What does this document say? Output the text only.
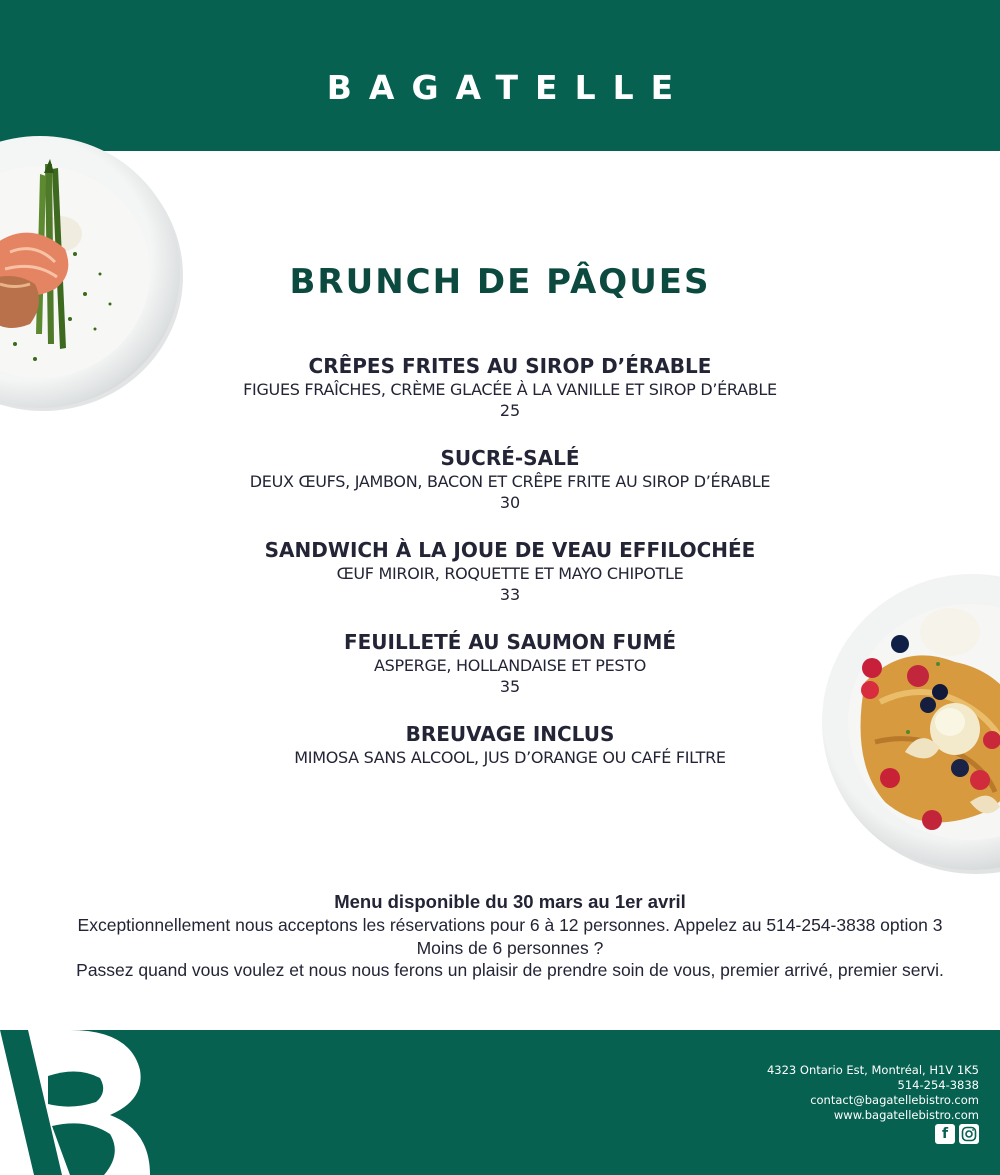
BAGATELLE
BRUNCH DE PÂQUES
CRÊPES FRITES AU SIROP D’ÉRABLE
FIGUES FRAÎCHES, CRÈME GLACÉE À LA VANILLE ET SIROP D’ÉRABLE
25
SUCRÉ-SALÉ
DEUX ŒUFS, JAMBON, BACON ET CRÊPE FRITE AU SIROP D’ÉRABLE
30
SANDWICH À LA JOUE DE VEAU EFFILOCHÉE
ŒUF MIROIR, ROQUETTE ET MAYO CHIPOTLE
33
FEUILLETÉ AU SAUMON FUMÉ
ASPERGE, HOLLANDAISE ET PESTO
35
BREUVAGE INCLUS
MIMOSA SANS ALCOOL, JUS D’ORANGE OU CAFÉ FILTRE
Menu disponible du 30 mars au 1er avril
Exceptionnellement nous acceptons les réservations pour 6 à 12 personnes. Appelez au 514-254-3838 option 3
Moins de 6 personnes ?
Passez quand vous voulez et nous nous ferons un plaisir de prendre soin de vous, premier arrivé, premier servi.
4323 Ontario Est, Montréal, H1V 1K5
514-254-3838
contact@bagatellebistro.com
www.bagatellebistro.com
f
